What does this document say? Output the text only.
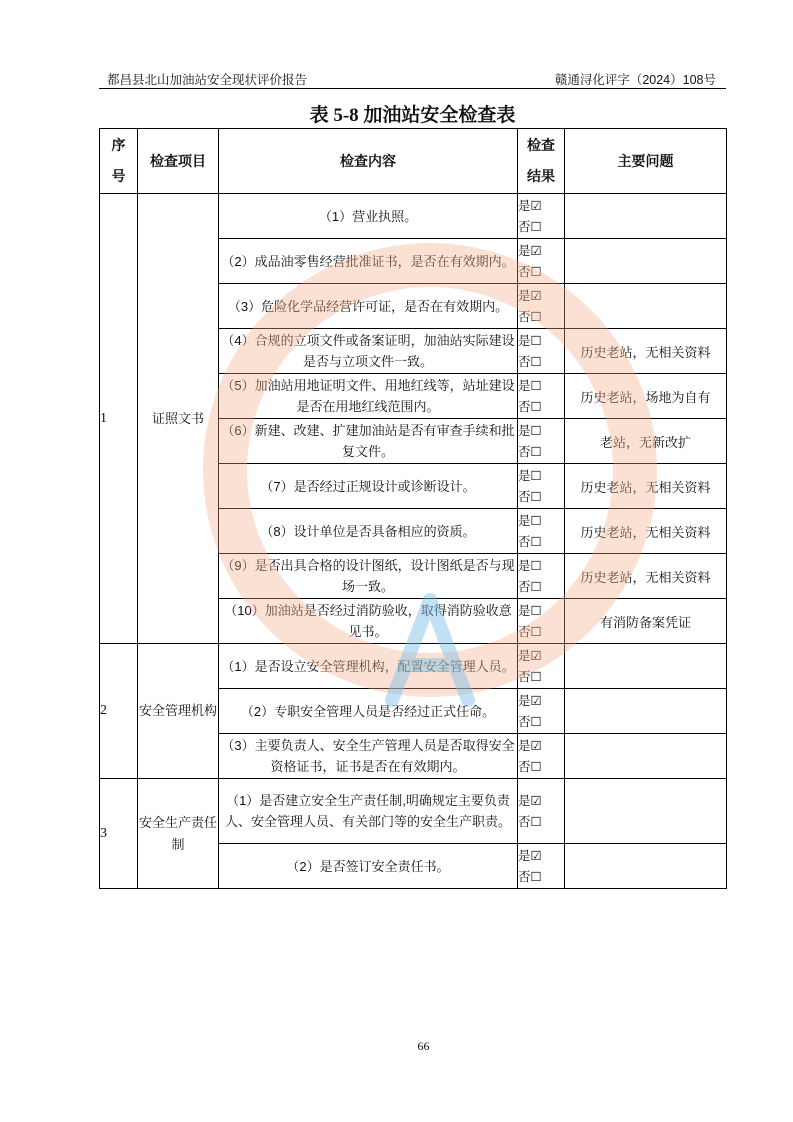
都昌县北山加油站安全现状评价报告	赣通浔化评字（2024）108号
表 5-8 加油站安全检查表
序
号	检查项目	检查内容	检查
结果	主要问题
1	证照文书	（1）营业执照。	是☑
否☐	

		（2）成品油零售经营批准证书，是否在有效期内。	是☑
否☐	

		（3）危险化学品经营许可证，是否在有效期内。	是☑
否☐	

		（4）合规的立项文件或备案证明，加油站实际建设是否与立项文件一致。	是☐
否☐	历史老站，无相关资料
		（5）加油站用地证明文件、用地红线等，站址建设是否在用地红线范围内。	是☐
否☐	历史老站，场地为自有
		（6）新建、改建、扩建加油站是否有审查手续和批复文件。	是☐
否☐	老站，无新改扩
		（7）是否经过正规设计或诊断设计。	是☐
否☐	历史老站，无相关资料
		（8）设计单位是否具备相应的资质。	是☐
否☐	历史老站，无相关资料
		（9）是否出具合格的设计图纸，设计图纸是否与现场一致。	是☐
否☐	历史老站，无相关资料
		（10）加油站是否经过消防验收，取得消防验收意见书。	是☐
否☐	有消防备案凭证
2	安全管理机构	（1）是否设立安全管理机构，配置安全管理人员。	是☑
否☐	

		（2）专职安全管理人员是否经过正式任命。	是☑
否☐	

		（3）主要负责人、安全生产管理人员是否取得安全资格证书，证书是否在有效期内。	是☑
否☐	

3	安全生产责任制	（1）是否建立安全生产责任制,明确规定主要负责人、安全管理人员、有关部门等的安全生产职责。	是☑
否☐	

		（2）是否签订安全责任书。	是☑
否☐	

66
